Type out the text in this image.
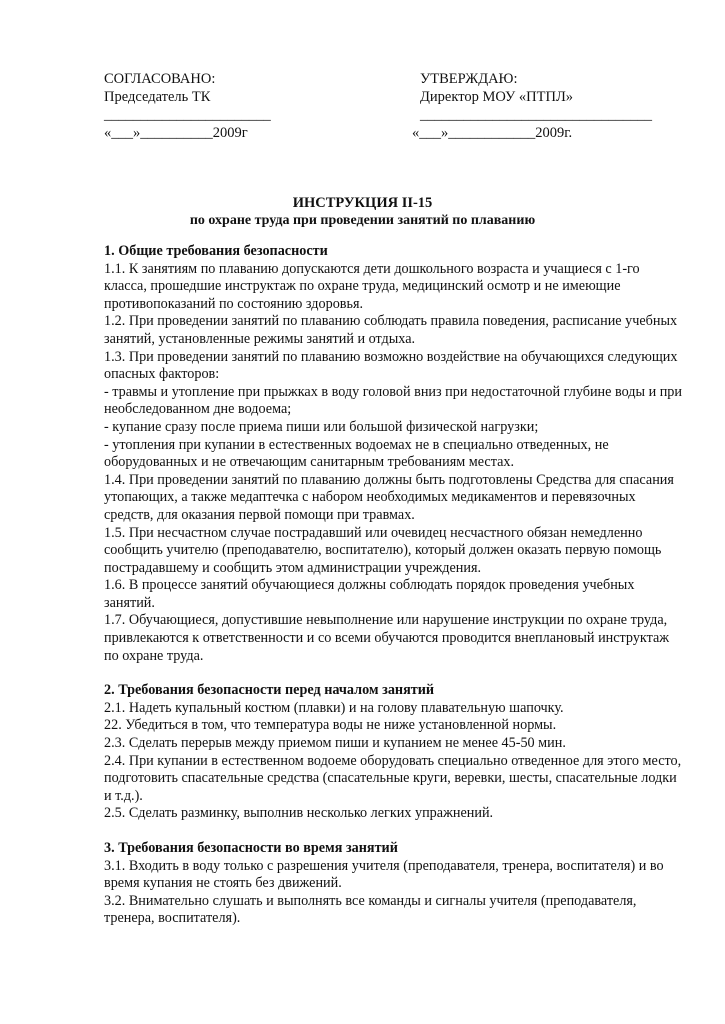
СОГЛАСОВАНО:
Председатель ТК
_______________________
«___»__________2009г
УТВЕРЖДАЮ:
Директор МОУ «ПТПЛ»
________________________________
«___»____________2009г.
ИНСТРУКЦИЯ II-15
по охране труда при проведении занятий по плаванию

1. Общие требования безопасности

1.1. К занятиям по плаванию допускаются дети дошкольного возраста и учащиеся с 1-го класса, прошедшие инструктаж по охране труда, медицинский осмотр и не имеющие противопоказаний по состоянию здоровья.

1.2. При проведении занятий по плаванию соблюдать правила поведения, расписание учебных занятий, установленные режимы занятий и отдыха.

1.3. При проведении занятий по плаванию возможно воздействие на обучающихся следующих опасных факторов:

- травмы и утопление при прыжках в воду головой вниз при недостаточной глубине воды и при необследованном дне водоема;

- купание сразу после приема пиши или большой физической нагрузки;

- утопления при купании в естественных водоемах не в специально отведенных, не оборудованных и не отвечающим санитарным требованиям местах.

1.4. При проведении занятий по плаванию должны быть подготовлены Средства для спасания утопающих, а также медаптечка с набором необходимых медикаментов и перевязочных средств, для оказания первой помощи при травмах.

1.5. При несчастном случае пострадавший или очевидец несчастного обязан немедленно сообщить учителю (преподавателю, воспитателю), который должен оказать первую помощь пострадавшему и сообщить этом администрации учреждения.

1.6. В процессе занятий обучающиеся должны соблюдать порядок проведения учебных занятий.

1.7. Обучающиеся, допустившие невыполнение или нарушение инструкции по охране труда, привлекаются к ответственности и со всеми обучаются проводится внеплановый инструктаж по охране труда.

2. Требования безопасности перед началом занятий

2.1. Надеть купальный костюм (плавки) и на голову плавательную шапочку.

22. Убедиться в том, что температура воды не ниже установленной нормы.

2.3. Сделать перерыв между приемом пиши и купанием не менее 45-50 мин.

2.4. При купании в естественном водоеме оборудовать специально отведенное для этого место, подготовить спасательные средства (спасательные круги, веревки, шесты, спасательные лодки и т.д.).

2.5. Сделать разминку, выполнив несколько легких упражнений.

3. Требования безопасности во время занятий

3.1. Входить в воду только с разрешения учителя (преподавателя, тренера, воспитателя) и во время купания не стоять без движений.

3.2. Внимательно слушать и выполнять все команды и сигналы учителя (преподавателя, тренера, воспитателя).
